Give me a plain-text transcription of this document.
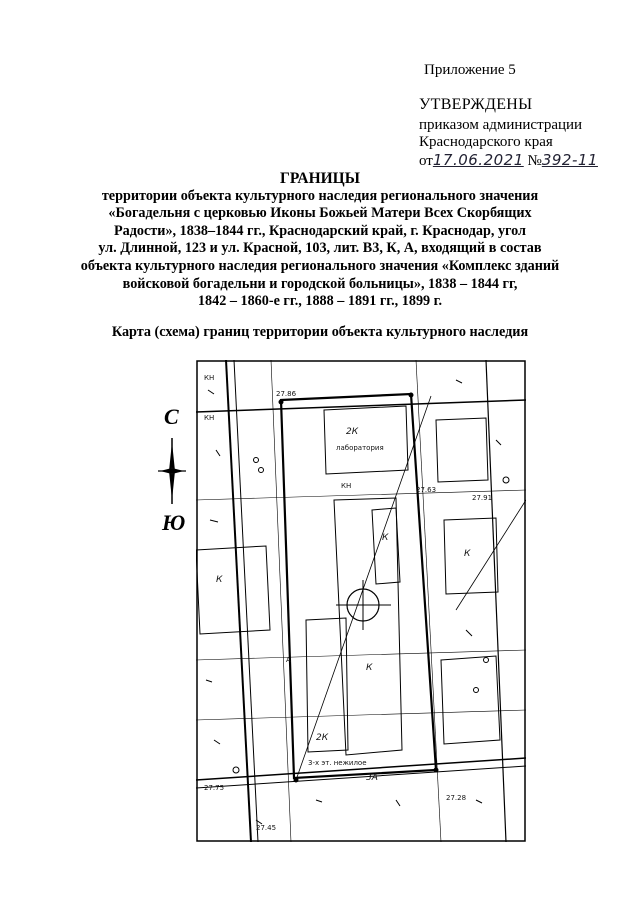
Приложение 5
УТВЕРЖДЕНЫ
приказом администрации
Краснодарского края
от17.06.2021 №392-11
ГРАНИЦЫ
территории объекта культурного наследия регионального значения
«Богадельня с церковью Иконы Божьей Матери Всех Скорбящих
Радости», 1838–1844 гг., Краснодарский край, г. Краснодар, угол
ул. Длинной, 123 и ул. Красной, 103, лит. В3, К, А, входящий в состав
объекта культурного наследия регионального значения «Комплекс зданий
войсковой богадельни и городской больницы», 1838 – 1844 гг,
1842 – 1860-е гг., 1888 – 1891 гг., 1899 г.
Карта (схема) границ территории объекта культурного наследия
С
Ю
2К
лаборатория
К
К
КН
КН
КН
К
К
3-х эт. нежилое
2К
А
3А
27.86
27.63
27.91
27.75
27.28
27.45
